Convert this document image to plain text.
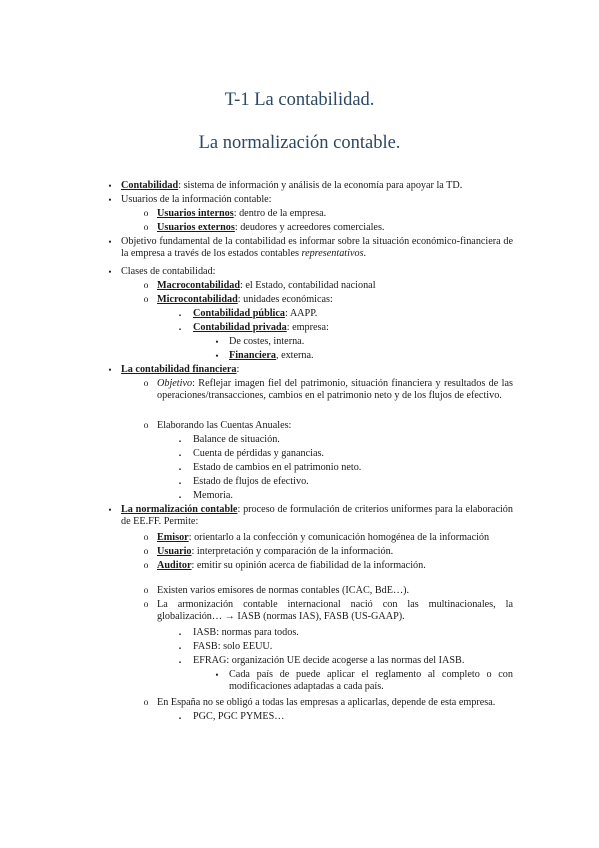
T-1 La contabilidad.
La normalización contable.
• Contabilidad: sistema de información y análisis de la economía para apoyar la TD.
• Usuarios de la información contable:
o Usuarios internos: dentro de la empresa.
o Usuarios externos: deudores y acreedores comerciales.
• Objetivo fundamental de la contabilidad es informar sobre la situación económico-financiera de la empresa a través de los estados contables representativos.
• Clases de contabilidad:
o Macrocontabilidad: el Estado, contabilidad nacional
o Microcontabilidad: unidades económicas:
▪	Contabilidad pública: AAPP.
▪	Contabilidad privada: empresa:
•	De costes, interna.
•	Financiera, externa.
• La contabilidad financiera:
o Objetivo: Reflejar imagen fiel del patrimonio, situación financiera y resultados de las operaciones/transacciones, cambios en el patrimonio neto y de los flujos de efectivo.
o Elaborando las Cuentas Anuales:
▪	Balance de situación.
▪	Cuenta de pérdidas y ganancias.
▪	Estado de cambios en el patrimonio neto.
▪	Estado de flujos de efectivo.
▪	Memoria.
• La normalización contable: proceso de formulación de criterios uniformes para la elaboración de EE.FF. Permite:
o Emisor: orientarlo a la confección y comunicación homogénea de la información
o Usuario: interpretación y comparación de la información.
o Auditor: emitir su opinión acerca de fiabilidad de la información.
o Existen varios emisores de normas contables (ICAC, BdE…).
o La armonización contable internacional nació con las multinacionales, la globalización… → IASB (normas IAS), FASB (US-GAAP).
▪	IASB: normas para todos.
▪	FASB: solo EEUU.
▪	EFRAG: organización UE decide acogerse a las normas del IASB.
•	Cada país de puede aplicar el reglamento al completo o con modificaciones adaptadas a cada país.
o En España no se obligó a todas las empresas a aplicarlas, depende de esta empresa.
▪	PGC, PGC PYMES…
